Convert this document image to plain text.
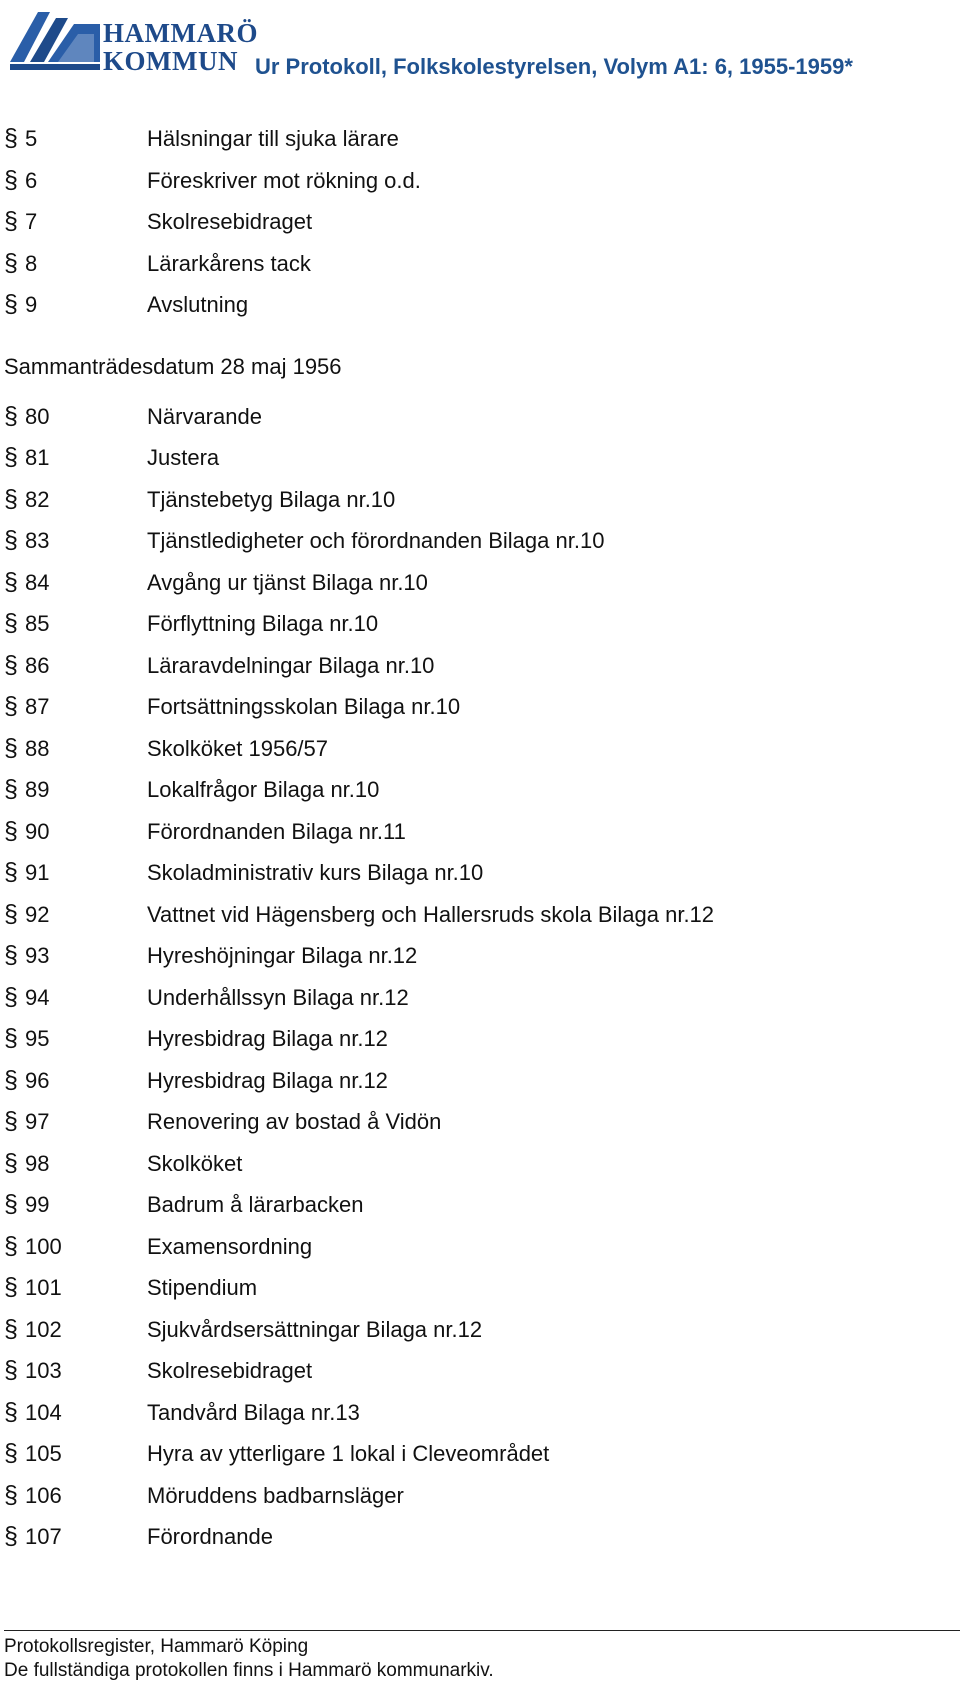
HAMMARÖ
KOMMUN Ur Protokoll, Folkskolestyrelsen, Volym A1: 6, 1955-1959*
§ 5	Hälsningar till sjuka lärare
§ 6	Föreskriver mot rökning o.d.
§ 7	Skolresebidraget
§ 8	Lärarkårens tack
§ 9	Avslutning
Sammanträdesdatum 28 maj 1956
§ 80	Närvarande
§ 81	Justera
§ 82	Tjänstebetyg Bilaga nr.10
§ 83	Tjänstledigheter och förordnanden Bilaga nr.10
§ 84	Avgång ur tjänst Bilaga nr.10
§ 85	Förflyttning Bilaga nr.10
§ 86	Läraravdelningar Bilaga nr.10
§ 87	Fortsättningsskolan Bilaga nr.10
§ 88	Skolköket 1956/57
§ 89	Lokalfrågor Bilaga nr.10
§ 90	Förordnanden Bilaga nr.11
§ 91	Skoladministrativ kurs Bilaga nr.10
§ 92	Vattnet vid Hägensberg och Hallersruds skola Bilaga nr.12
§ 93	Hyreshöjningar Bilaga nr.12
§ 94	Underhållssyn Bilaga nr.12
§ 95	Hyresbidrag Bilaga nr.12
§ 96	Hyresbidrag Bilaga nr.12
§ 97	Renovering av bostad å Vidön
§ 98	Skolköket
§ 99	Badrum å lärarbacken
§ 100	Examensordning
§ 101	Stipendium
§ 102	Sjukvårdsersättningar Bilaga nr.12
§ 103	Skolresebidraget
§ 104	Tandvård Bilaga nr.13
§ 105	Hyra av ytterligare 1 lokal i Cleveområdet
§ 106	Möruddens badbarnsläger
§ 107	Förordnande
Protokollsregister, Hammarö Köping
De fullständiga protokollen finns i Hammarö kommunarkiv.
